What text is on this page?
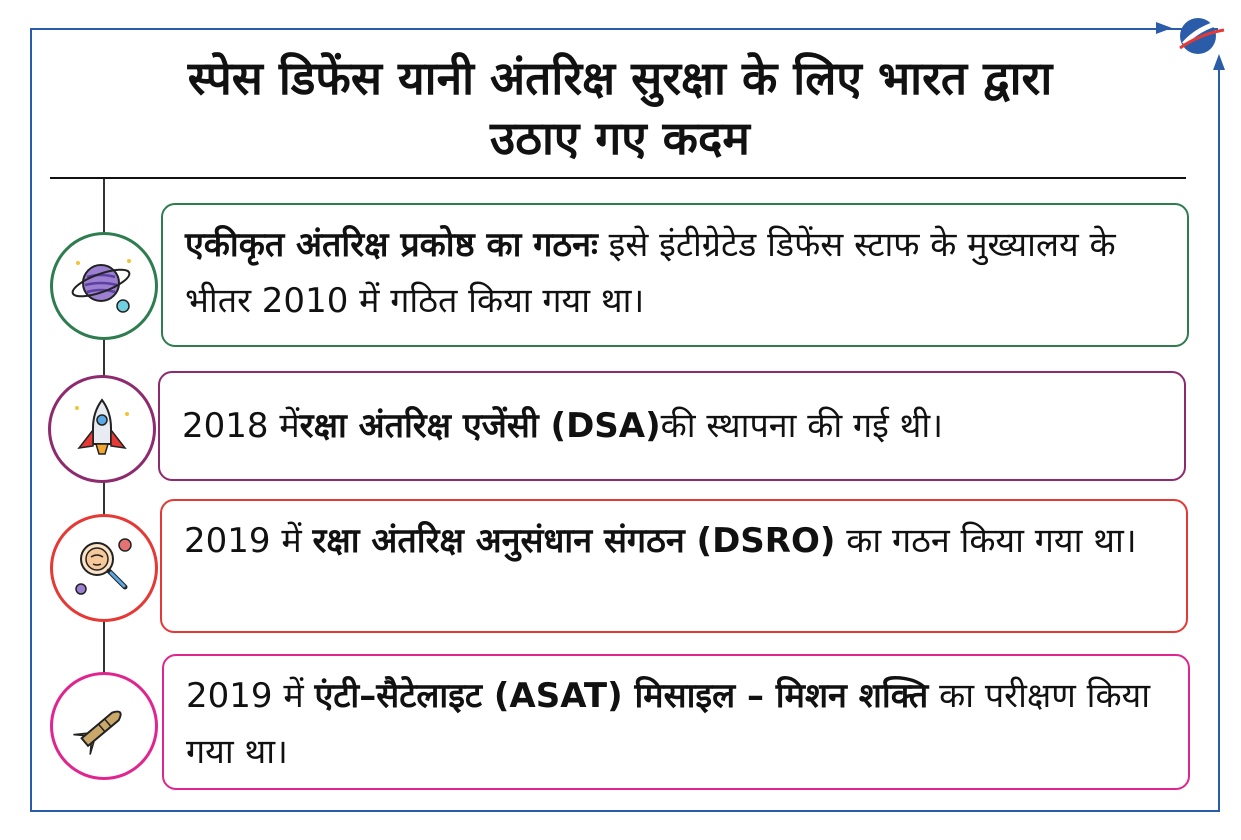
स्पेस डिफेंस यानी अंतरिक्ष सुरक्षा के लिए भारत द्वारा
उठाए गए कदम
एकीकृत अंतरिक्ष प्रकोष्ठ का गठनः इसे इंटीग्रेटेड डिफेंस स्टाफ के मुख्यालय के भीतर 2010 में गठित किया गया था।
2018 में रक्षा अंतरिक्ष एजेंसी (DSA) की स्थापना की गई थी।
2019 में रक्षा अंतरिक्ष अनुसंधान संगठन (DSRO) का गठन किया गया था।
2019 में एंटी–सैटेलाइट (ASAT) मिसाइल – मिशन शक्ति का परीक्षण किया गया था।
